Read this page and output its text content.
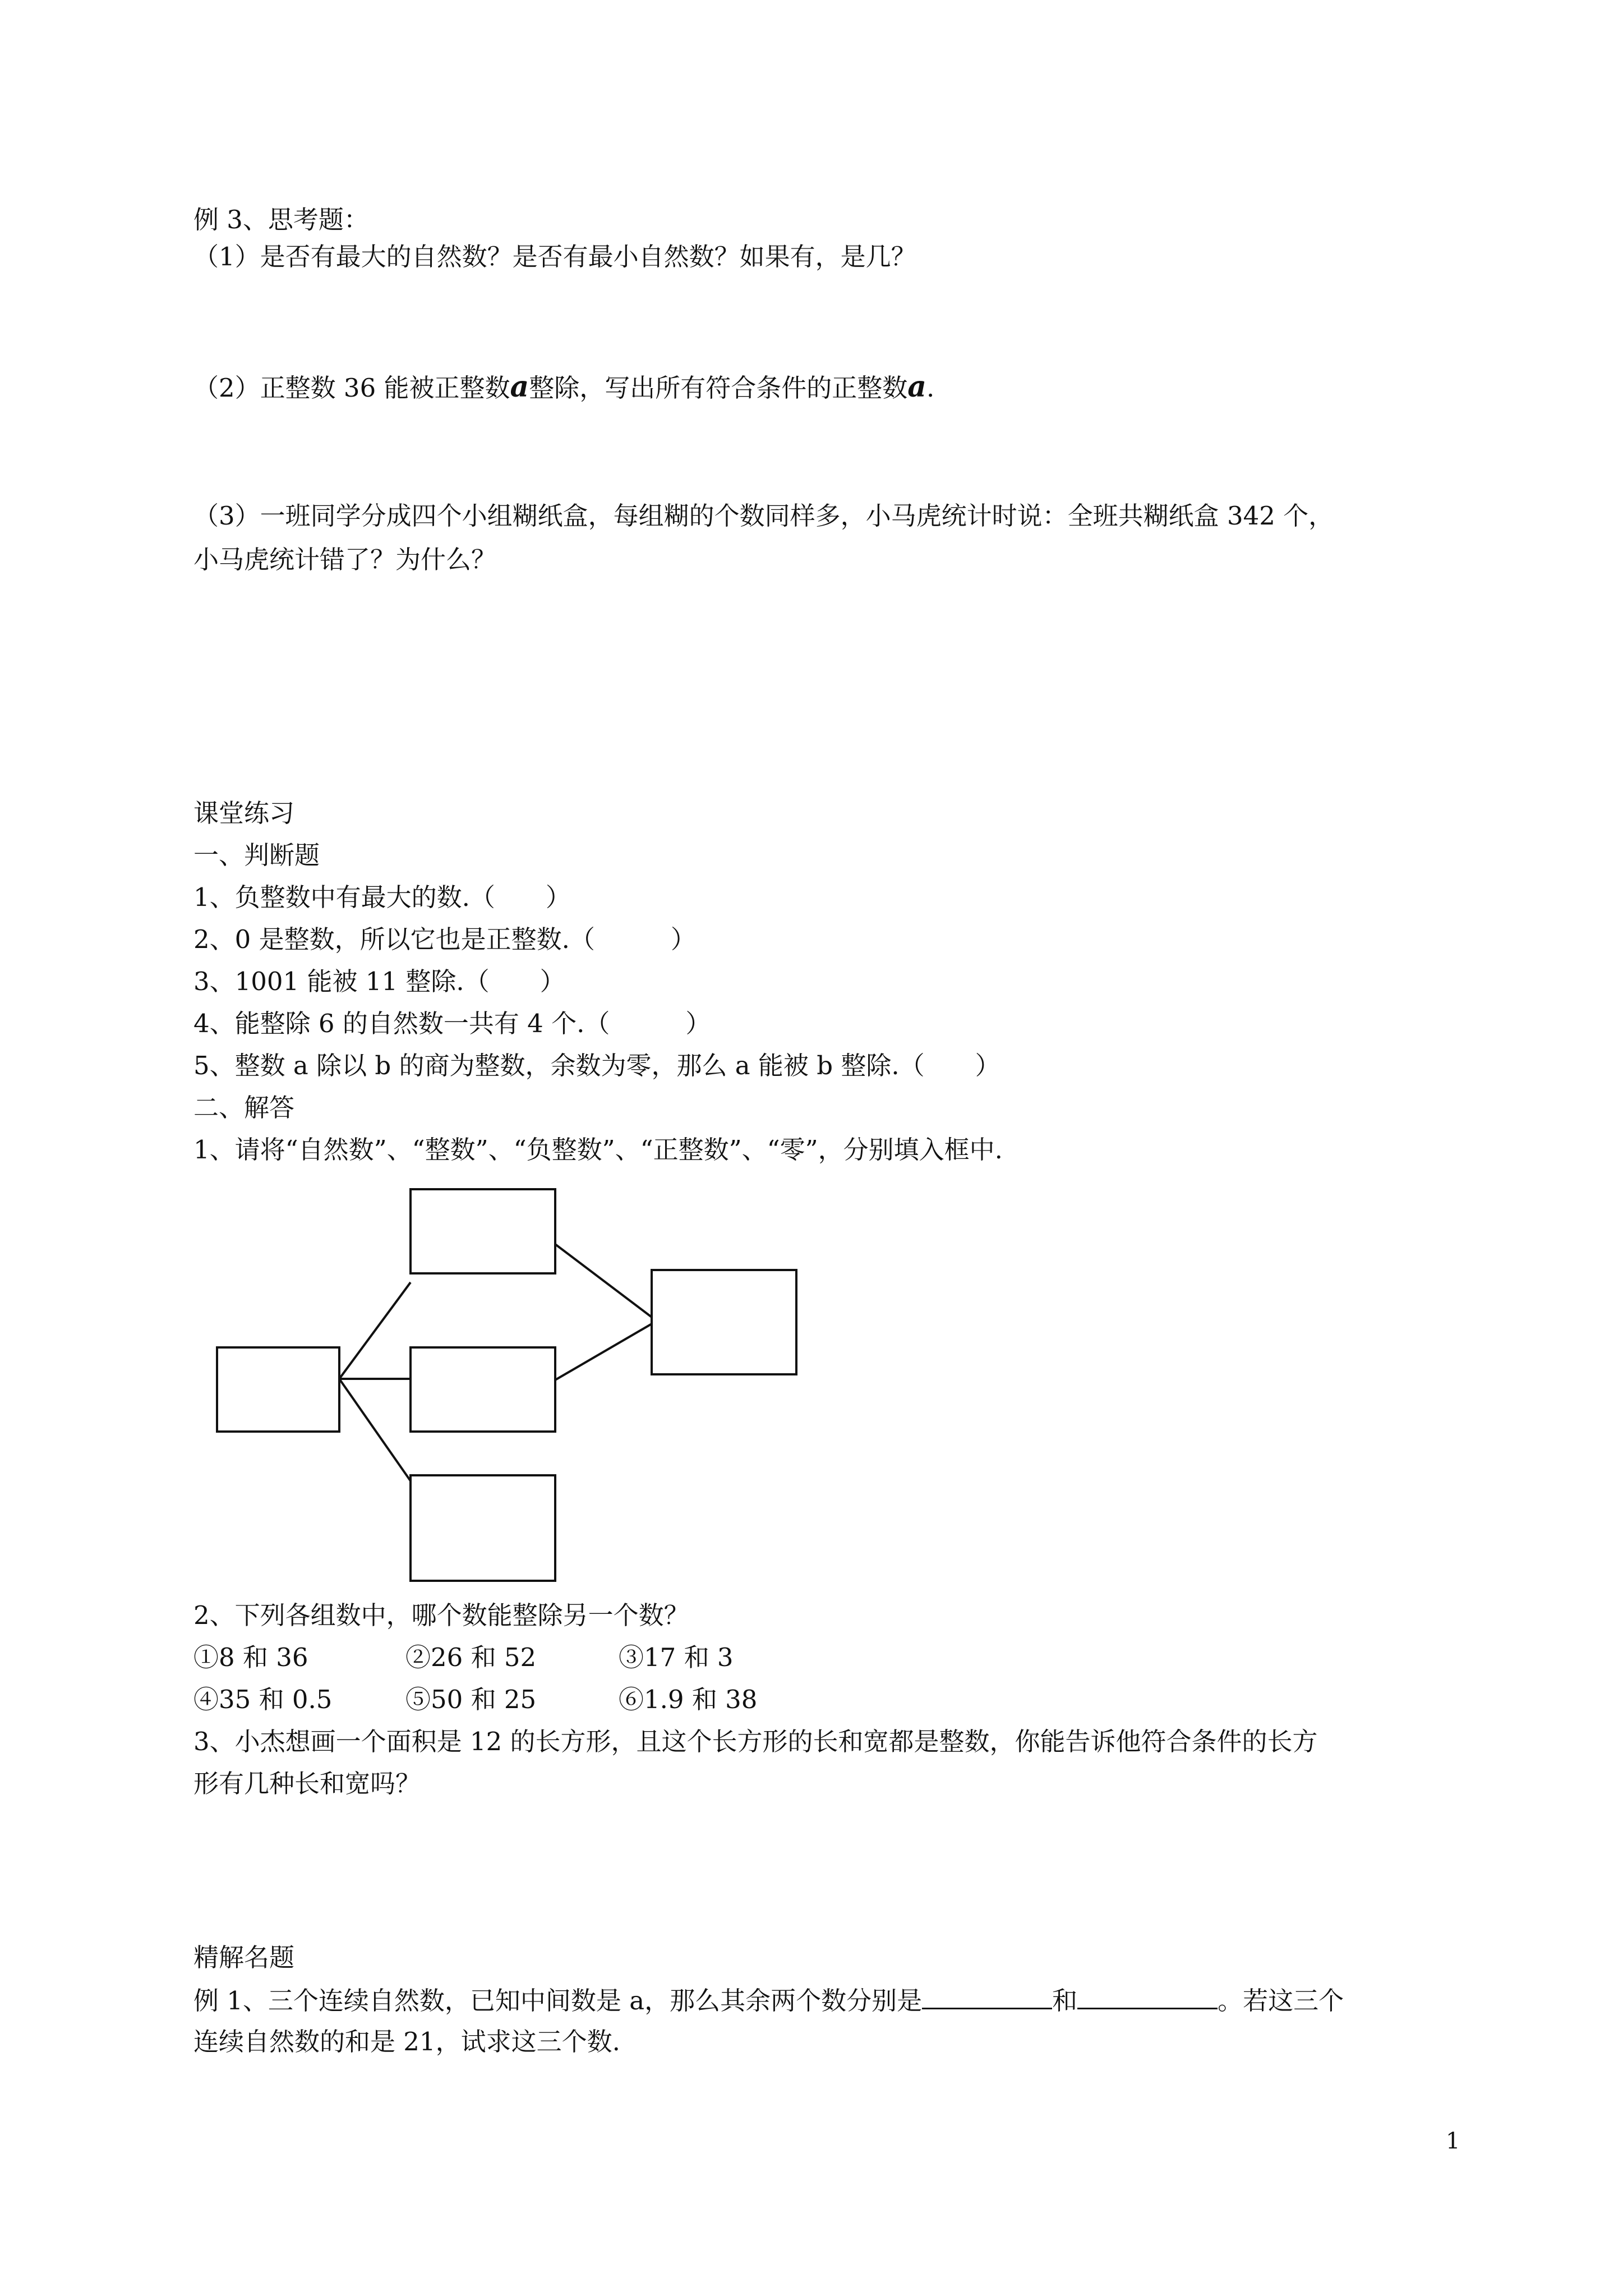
例 3、思考题：
（1）是否有最大的自然数？是否有最小自然数？如果有，是几？
（2）正整数 36 能被正整数a整除，写出所有符合条件的正整数a.
（3）一班同学分成四个小组糊纸盒，每组糊的个数同样多，小马虎统计时说：全班共糊纸盒 342 个，
小马虎统计错了？为什么？
课堂练习
一、判断题
1、负整数中有最大的数.（　　）
2、0 是整数，所以它也是正整数.（　　　）
3、1001 能被 11 整除.（　　）
4、能整除 6 的自然数一共有 4 个.（　　　）
5、整数 a 除以 b 的商为整数，余数为零，那么 a 能被 b 整除.（　　）
二、解答
1、请将“自然数”、“整数”、“负整数”、“正整数”、“零”，分别填入框中.
2、下列各组数中，哪个数能整除另一个数？
①8 和 36	②26 和 52	③17 和 3
④35 和 0.5	⑤50 和 25	⑥1.9 和 38
3、小杰想画一个面积是 12 的长方形，且这个长方形的长和宽都是整数，你能告诉他符合条件的长方
形有几种长和宽吗？
精解名题
例 1、三个连续自然数，已知中间数是 a，那么其余两个数分别是	和	。若这三个
连续自然数的和是 21，试求这三个数.
1
